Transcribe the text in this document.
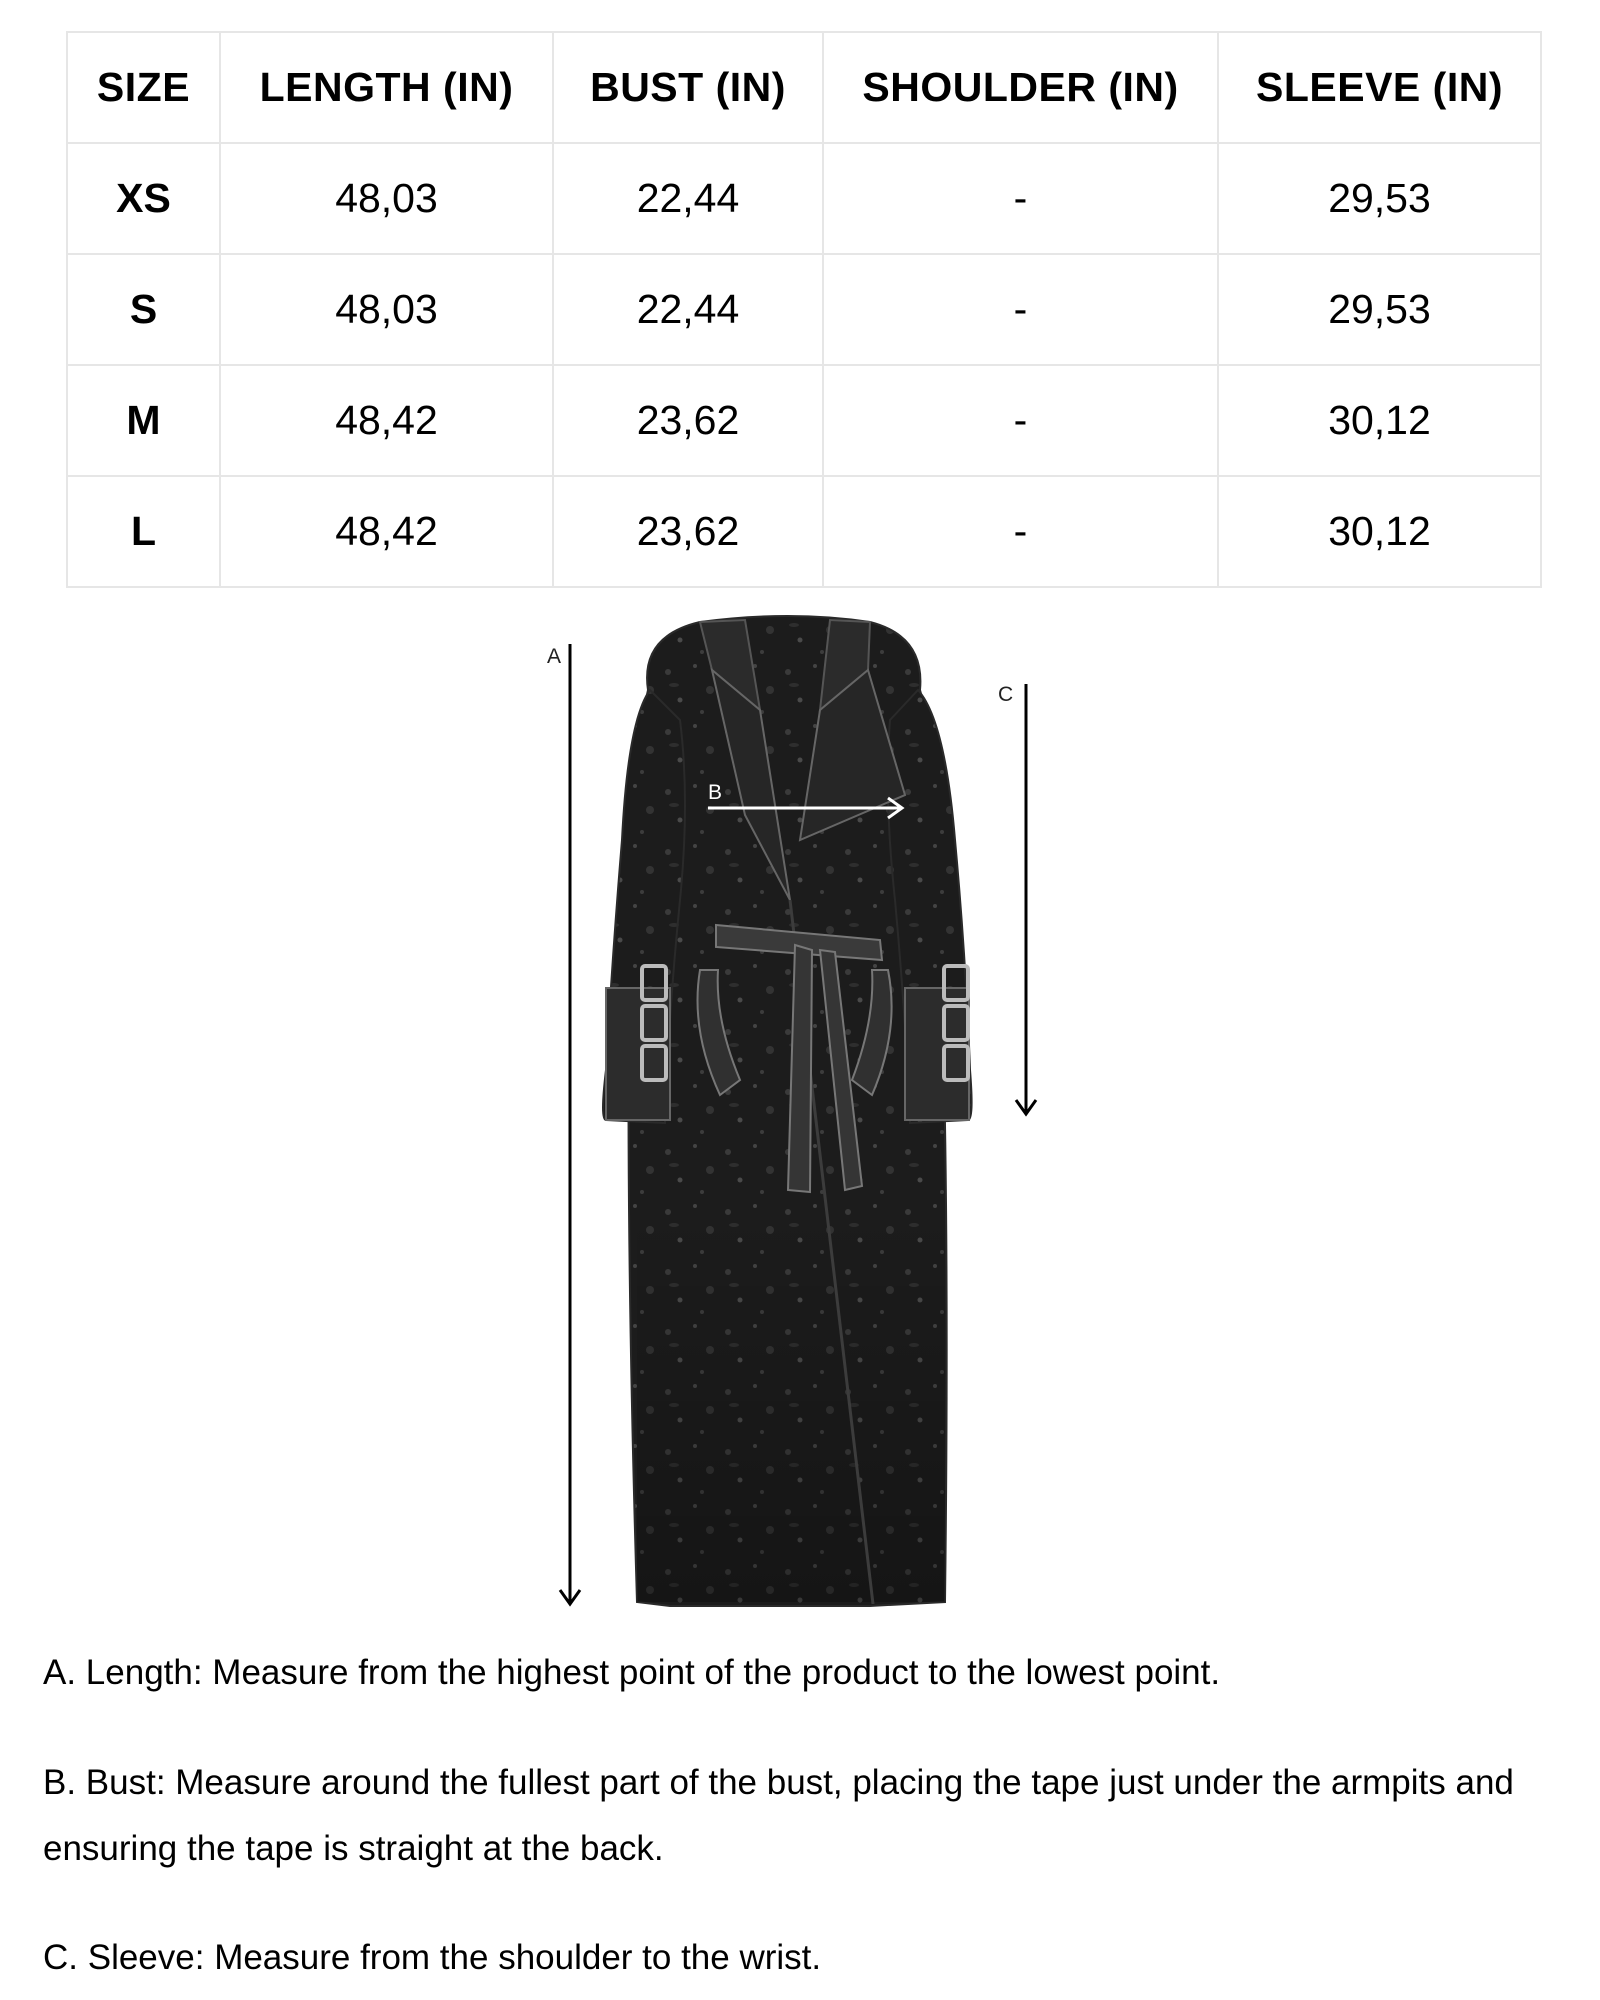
SIZE	LENGTH (IN)	BUST (IN)	SHOULDER (IN)	SLEEVE (IN)
XS	48,03	22,44	-	29,53
S	48,03	22,44	-	29,53
M	48,42	23,62	-	30,12
L	48,42	23,62	-	30,12
A
B
C

A. Length: Measure from the highest point of the product to the lowest point.

B. Bust: Measure around the fullest part of the bust, placing the tape just under the armpits and ensuring the tape is straight at the back.

C. Sleeve: Measure from the shoulder to the wrist.
